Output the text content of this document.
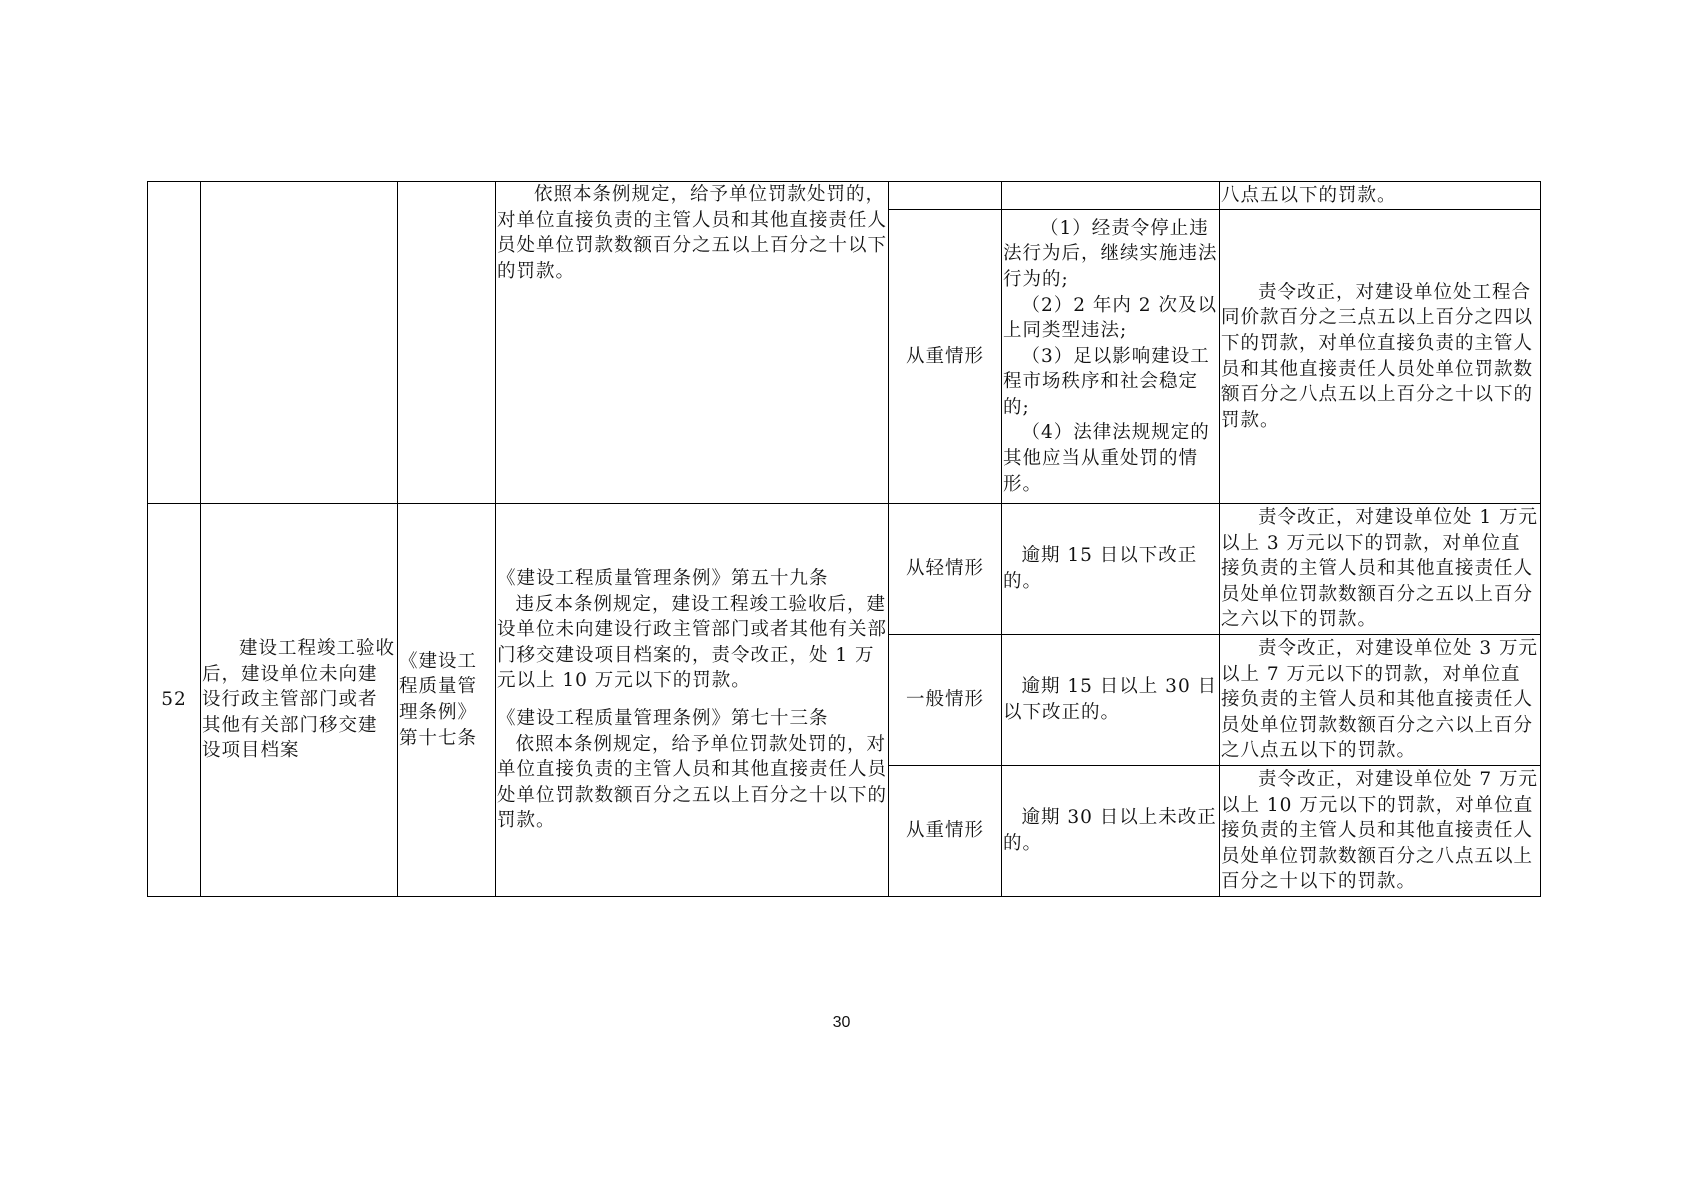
			依照本条例规定，给予单位罚款处罚的，对单位直接负责的主管人员和其他直接责任人员处单位罚款数额百分之五以上百分之十以下的罚款。			八点五以下的罚款。
				从重情形	（1）经责令停止违法行为后，继续实施违法行为的;
（2）2 年内 2 次及以上同类型违法;
（3）足以影响建设工程市场秩序和社会稳定的;
（4）法律法规规定的其他应当从重处罚的情形。	责令改正，对建设单位处工程合同价款百分之三点五以上百分之四以下的罚款，对单位直接负责的主管人员和其他直接责任人员处单位罚款数额百分之八点五以上百分之十以下的罚款。

52	建设工程竣工验收后，建设单位未向建设行政主管部门或者其他有关部门移交建设项目档案	《建设工程质量管理条例》第十七条	《建设工程质量管理条例》第五十九条
违反本条例规定，建设工程竣工验收后，建设单位未向建设行政主管部门或者其他有关部门移交建设项目档案的，责令改正，处 1 万元以上 10 万元以下的罚款。
《建设工程质量管理条例》第七十三条
依照本条例规定，给予单位罚款处罚的，对单位直接负责的主管人员和其他直接责任人员处单位罚款数额百分之五以上百分之十以下的罚款。	从轻情形	逾期 15 日以下改正的。	责令改正，对建设单位处 1 万元以上 3 万元以下的罚款，对单位直接负责的主管人员和其他直接责任人员处单位罚款数额百分之五以上百分之六以下的罚款。

				一般情形	逾期 15 日以上 30 日以下改正的。	责令改正，对建设单位处 3 万元以上 7 万元以下的罚款，对单位直接负责的主管人员和其他直接责任人员处单位罚款数额百分之六以上百分之八点五以下的罚款。

				从重情形	逾期 30 日以上未改正的。	责令改正，对建设单位处 7 万元以上 10 万元以下的罚款，对单位直接负责的主管人员和其他直接责任人员处单位罚款数额百分之八点五以上百分之十以下的罚款。
30
